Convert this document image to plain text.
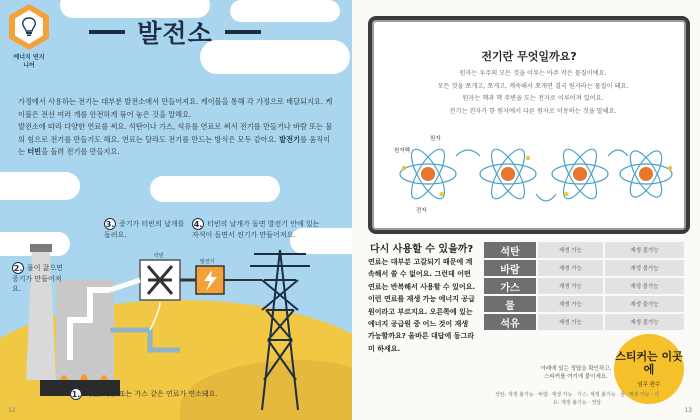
에너지 연지니어
발전소

가정에서 사용하는 전기는 대부분 발전소에서 만들어져요. 케이블을 통해 각 가정으로 배달되지요. 케이블은 전선 여러 개를 안전하게 묶어 놓은 것을 말해요.

발전소에 따라 다양한 연료를 써요. 석탄이나 가스, 석유를 연료로 써서 전기를 만들거나 바람 또는 물의 힘으로 전기를 만들기도 해요. 연료는 달라도 전기를 만드는 방식은 모두 같아요. 발전기를 움직이는 터빈을 돌려 전기를 만들지요.

2. 물이 끓으면 증기가 만들어져요.
3. 증기가 터빈의 날개를 돌려요.
4. 터빈의 날개가 돌면 발전기 안에 있는 자석이 돌면서 전기가 만들어져요.
1. 석탄, 석유 또는 가스 같은 연료가 연소돼요.
터빈
발전기
12
전기란 무엇일까요?
원자는 우주의 모든 것을 이루는 아주 작은 물질이에요.
모든 것을 쪼개고, 쪼개고, 계속해서 쪼개면 결국 원자라는 물질이 돼요.
원자는 핵과 핵 주변을 도는 전자로 이루어져 있어요.
전기는 전자가 한 원자에서 다른 원자로 이동하는 것을 말해요.
원자
원자핵
전자
13
다시 사용할 수 있을까?
연료는 대부분 고갈되기 때문에 계속해서 쓸 수 없어요. 그런데 어떤 연료는 반복해서 사용할 수 있어요. 이런 연료를 재생 가능 에너지 공급원이라고 부르지요. 오른쪽에 있는 에너지 공급원 중 어느 것이 재생 가능할까요? 올바른 대답에 동그라미 하세요.
석탄	재생 가능	재생 불가능
바람	재생 가능	재생 불가능
가스	재생 가능	재생 불가능
물	재생 가능	재생 불가능
석유	재생 가능	재생 불가능
아래에 있는 정답을 확인하고, 스티커를 여기에 붙이세요.
스티커는 이곳에
임무 완수
석탄: 재생 불가능 · 바람: 재생 가능 · 가스: 재생 불가능 · 물: 재생 가능 · 석유: 재생 불가능 · 정답
